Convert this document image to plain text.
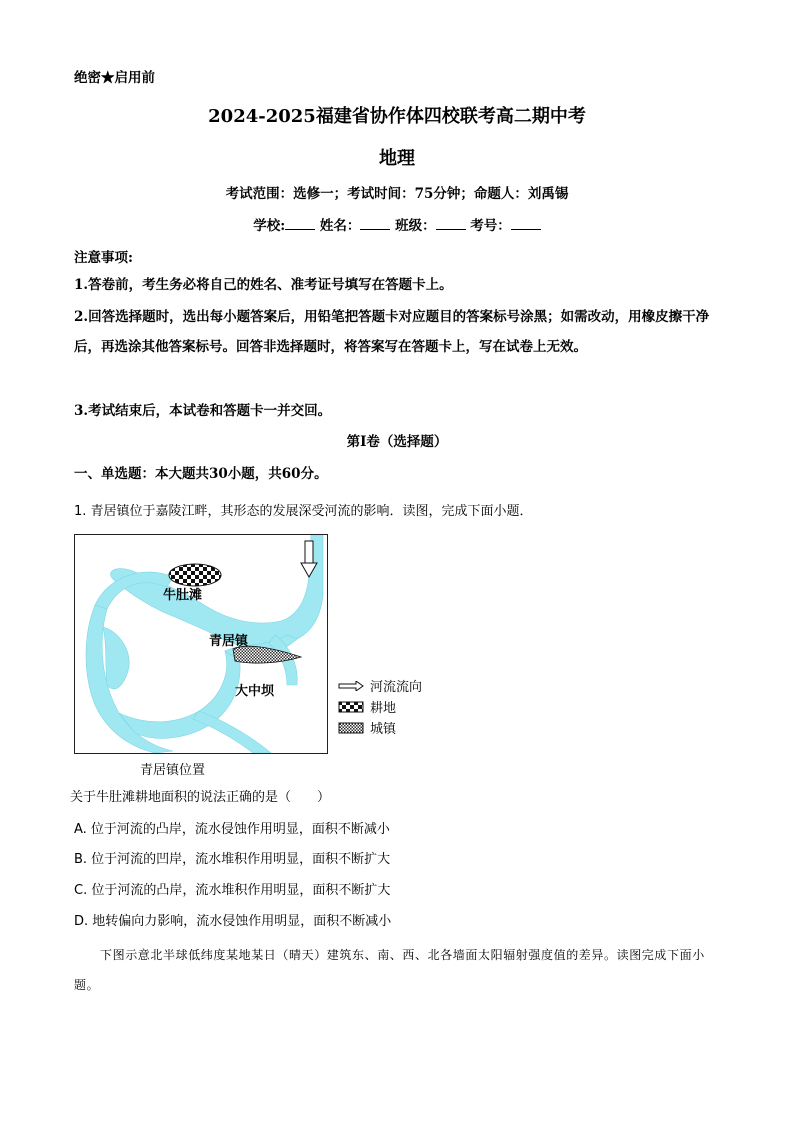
绝密★启用前
2024-2025福建省协作体四校联考高二期中考
地理
考试范围：选修一；考试时间：75分钟；命题人：刘禹锡
学校:	姓名：	班级：	考号：
注意事项:
1.答卷前，考生务必将自己的姓名、准考证号填写在答题卡上。
2.回答选择题时，选出每小题答案后，用铅笔把答题卡对应题目的答案标号涂黑；如需改动，用橡皮擦干净后，再选涂其他答案标号。回答非选择题时，将答案写在答题卡上，写在试卷上无效。
3.考试结束后，本试卷和答题卡一并交回。
第I卷（选择题）
一、单选题：本大题共30小题，共60分。
1. 青居镇位于嘉陵江畔，其形态的发展深受河流的影响．读图，完成下面小题．
牛肚滩
青居镇
大中坝	河流流向
耕地
城镇
青居镇位置
关于牛肚滩耕地面积的说法正确的是（　　）
A. 位于河流的凸岸，流水侵蚀作用明显，面积不断减小
B. 位于河流的凹岸，流水堆积作用明显，面积不断扩大
C. 位于河流的凸岸，流水堆积作用明显，面积不断扩大
D. 地转偏向力影响，流水侵蚀作用明显，面积不断减小
下图示意北半球低纬度某地某日（晴天）建筑东、南、西、北各墙面太阳辐射强度值的差异。读图完成下面小题。
